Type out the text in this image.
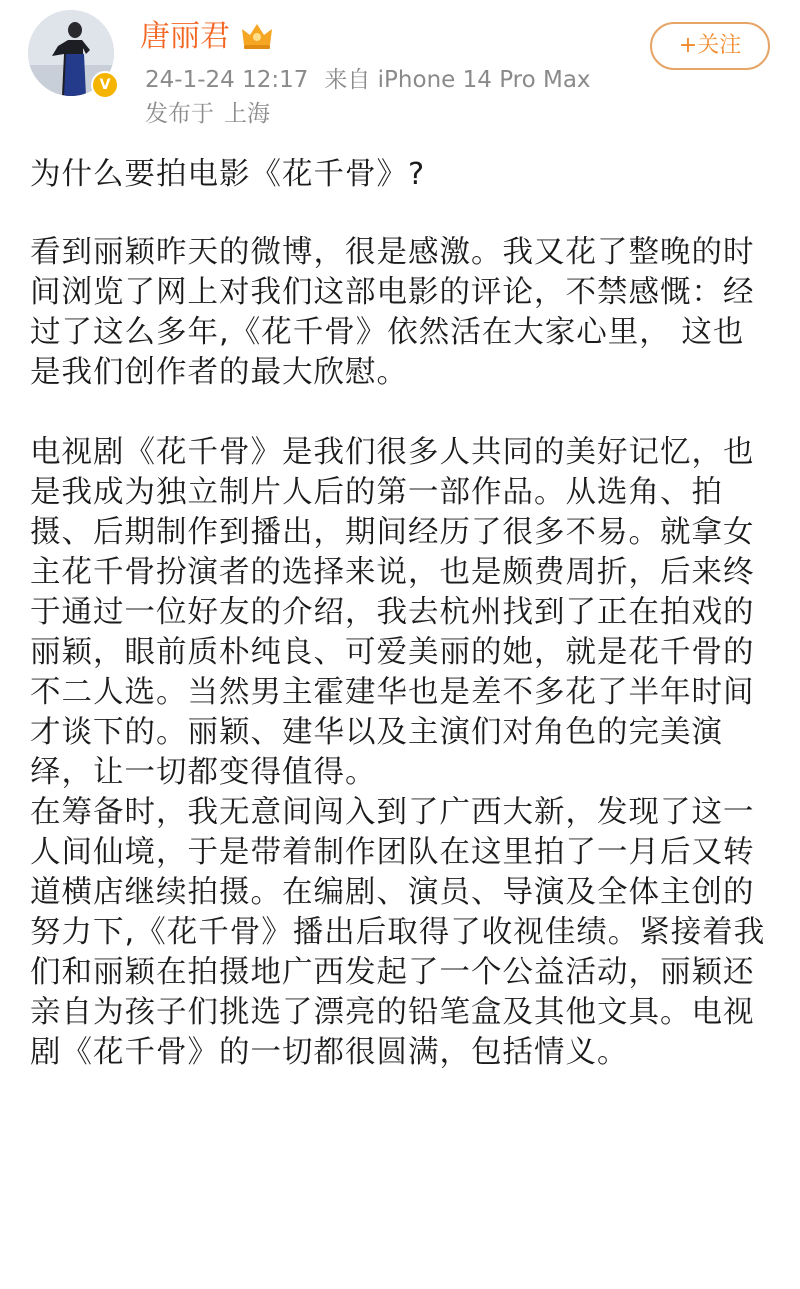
V
唐丽君
24-1-24 12:17 来自 iPhone 14 Pro Max
发布于 上海
+关注

为什么要拍电影《花千骨》?

看到丽颖昨天的微博，很是感激。我又花了整晚的时间浏览了网上对我们这部电影的评论，不禁感慨：经过了这么多年,《花千骨》依然活在大家心里， 这也是我们创作者的最大欣慰。

电视剧《花千骨》是我们很多人共同的美好记忆，也是我成为独立制片人后的第一部作品。从选角、拍摄、后期制作到播出，期间经历了很多不易。就拿女主花千骨扮演者的选择来说，也是颇费周折，后来终于通过一位好友的介绍，我去杭州找到了正在拍戏的丽颖，眼前质朴纯良、可爱美丽的她，就是花千骨的不二人选。当然男主霍建华也是差不多花了半年时间才谈下的。丽颖、建华以及主演们对角色的完美演绎，让一切都变得值得。

在筹备时，我无意间闯入到了广西大新，发现了这一人间仙境，于是带着制作团队在这里拍了一月后又转道横店继续拍摄。在编剧、演员、导演及全体主创的努力下,《花千骨》播出后取得了收视佳绩。紧接着我们和丽颖在拍摄地广西发起了一个公益活动，丽颖还亲自为孩子们挑选了漂亮的铅笔盒及其他文具。电视剧《花千骨》的一切都很圆满，包括情义。
